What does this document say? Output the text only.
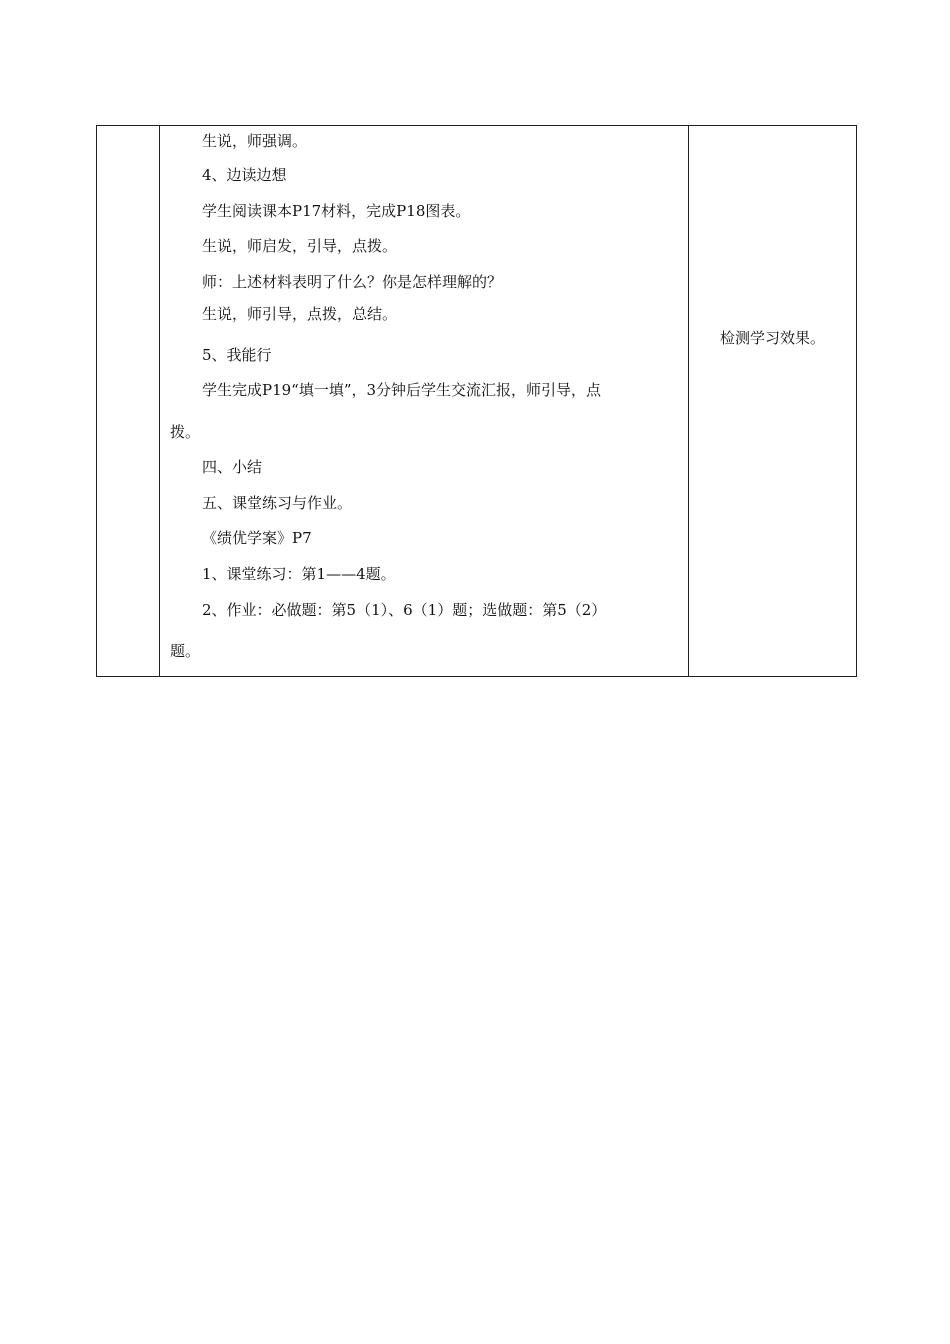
生说，师强调。
4、边读边想
学生阅读课本P17材料，完成P18图表。
生说，师启发，引导，点拨。
师：上述材料表明了什么？你是怎样理解的？
生说，师引导，点拨，总结。
5、我能行
学生完成P19“填一填”，3分钟后学生交流汇报，师引导，点
拨。
四、小结
五、课堂练习与作业。
《绩优学案》P7
1、课堂练习：第1——4题。
2、作业：必做题：第5（1）、6（1）题；选做题：第5（2）
题。

检测学习效果。
